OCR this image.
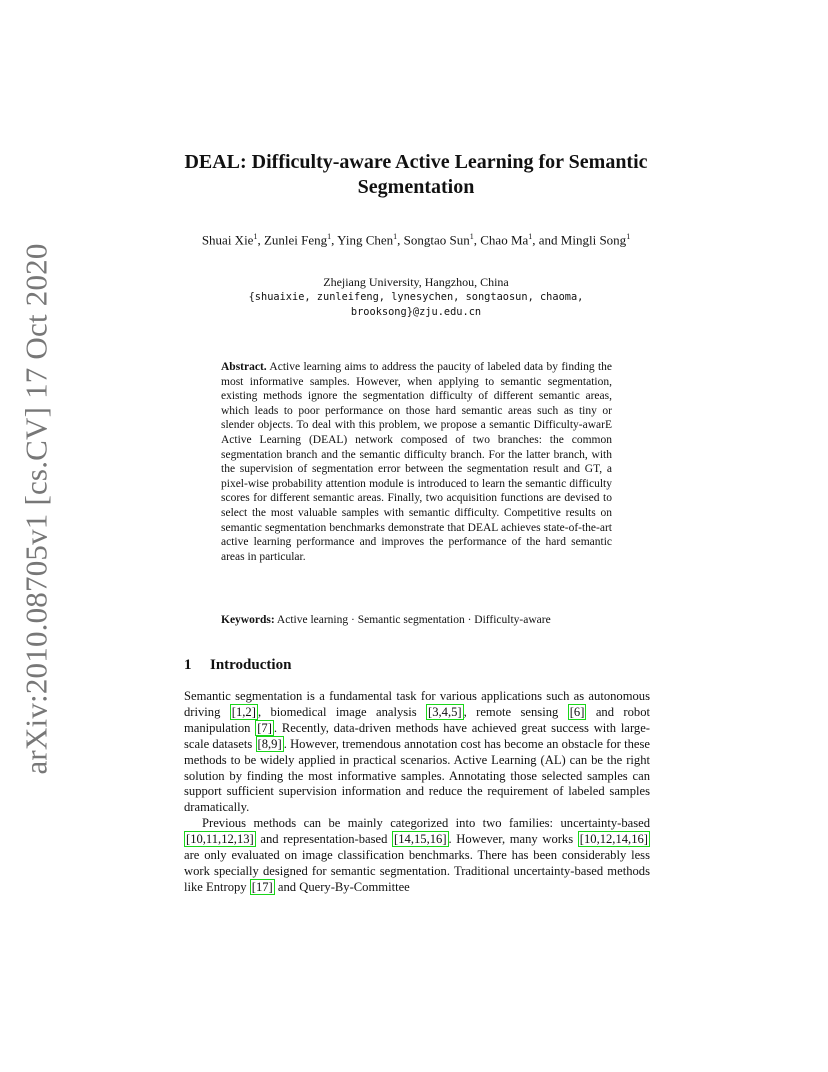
arXiv:2010.08705v1 [cs.CV] 17 Oct 2020
DEAL: Difficulty-aware Active Learning for Semantic Segmentation
Shuai Xie$^1$, Zunlei Feng$^1$, Ying Chen$^1$, Songtao Sun$^1$, Chao Ma$^1$, and Mingli Song$^1$
Zhejiang University, Hangzhou, China
{shuaixie, zunleifeng, lynesychen, songtaosun, chaoma, brooksong}@zju.edu.cn
Abstract. Active learning aims to address the paucity of labeled data by finding the most informative samples. However, when applying to semantic segmentation, existing methods ignore the segmentation difficulty of different semantic areas, which leads to poor performance on those hard semantic areas such as tiny or slender objects. To deal with this problem, we propose a semantic Difficulty-awarE Active Learning (DEAL) network composed of two branches: the common segmentation branch and the semantic difficulty branch. For the latter branch, with the supervision of segmentation error between the segmentation result and GT, a pixel-wise probability attention module is introduced to learn the semantic difficulty scores for different semantic areas. Finally, two acquisition functions are devised to select the most valuable samples with semantic difficulty. Competitive results on semantic segmentation benchmarks demonstrate that DEAL achieves state-of-the-art active learning performance and improves the performance of the hard semantic areas in particular.
Keywords: Active learning · Semantic segmentation · Difficulty-aware
1 Introduction

Semantic segmentation is a fundamental task for various applications such as autonomous driving [1,2] , biomedical image analysis [3,4,5] , remote sensing [6] and robot manipulation [7] . Recently, data-driven methods have achieved great success with large-scale datasets [8,9] . However, tremendous annotation cost has become an obstacle for these methods to be widely applied in practical scenarios. Active Learning (AL) can be the right solution by finding the most informative samples. Annotating those selected samples can support sufficient supervision information and reduce the requirement of labeled samples dramatically.

Previous methods can be mainly categorized into two families: uncertainty-based [10,11,12,13] and representation-based [14,15,16] . However, many works [10,12,14,16] are only evaluated on image classification benchmarks. There has been considerably less work specially designed for semantic segmentation. Traditional uncertainty-based methods like Entropy [17] and Query-By-Committee
